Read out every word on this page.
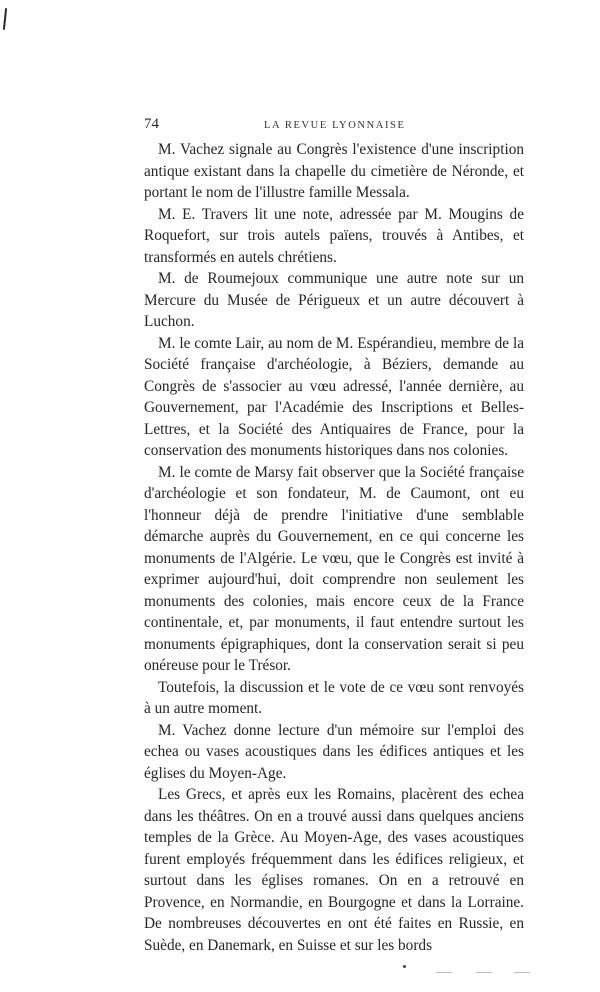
74	LA REVUE LYONNAISE

M. Vachez signale au Congrès l'existence d'une inscription antique existant dans la chapelle du cimetière de Néronde, et portant le nom de l'illustre famille Messala.

M. E. Travers lit une note, adressée par M. Mougins de Roquefort, sur trois autels païens, trouvés à Antibes, et transformés en autels chrétiens.

M. de Roumejoux communique une autre note sur un Mercure du Musée de Périgueux et un autre découvert à Luchon.

M. le comte Lair, au nom de M. Espérandieu, membre de la Société française d'archéologie, à Béziers, demande au Congrès de s'associer au vœu adressé, l'année dernière, au Gouvernement, par l'Académie des Inscriptions et Belles-Lettres, et la Société des Antiquaires de France, pour la conservation des monuments historiques dans nos colonies.

M. le comte de Marsy fait observer que la Société française d'archéologie et son fondateur, M. de Caumont, ont eu l'honneur déjà de prendre l'initiative d'une semblable démarche auprès du Gouvernement, en ce qui concerne les monuments de l'Algérie. Le vœu, que le Congrès est invité à exprimer aujourd'hui, doit comprendre non seulement les monuments des colonies, mais encore ceux de la France continentale, et, par monuments, il faut entendre surtout les monuments épigraphiques, dont la conservation serait si peu onéreuse pour le Trésor.

Toutefois, la discussion et le vote de ce vœu sont renvoyés à un autre moment.

M. Vachez donne lecture d'un mémoire sur l'emploi des echea ou vases acoustiques dans les édifices antiques et les églises du Moyen-Age.

Les Grecs, et après eux les Romains, placèrent des echea dans les théâtres. On en a trouvé aussi dans quelques anciens temples de la Grèce. Au Moyen-Age, des vases acoustiques furent employés fréquemment dans les édifices religieux, et surtout dans les églises romanes. On en a retrouvé en Provence, en Normandie, en Bourgogne et dans la Lorraine. De nombreuses découvertes en ont été faites en Russie, en Suède, en Danemark, en Suisse et sur les bords
